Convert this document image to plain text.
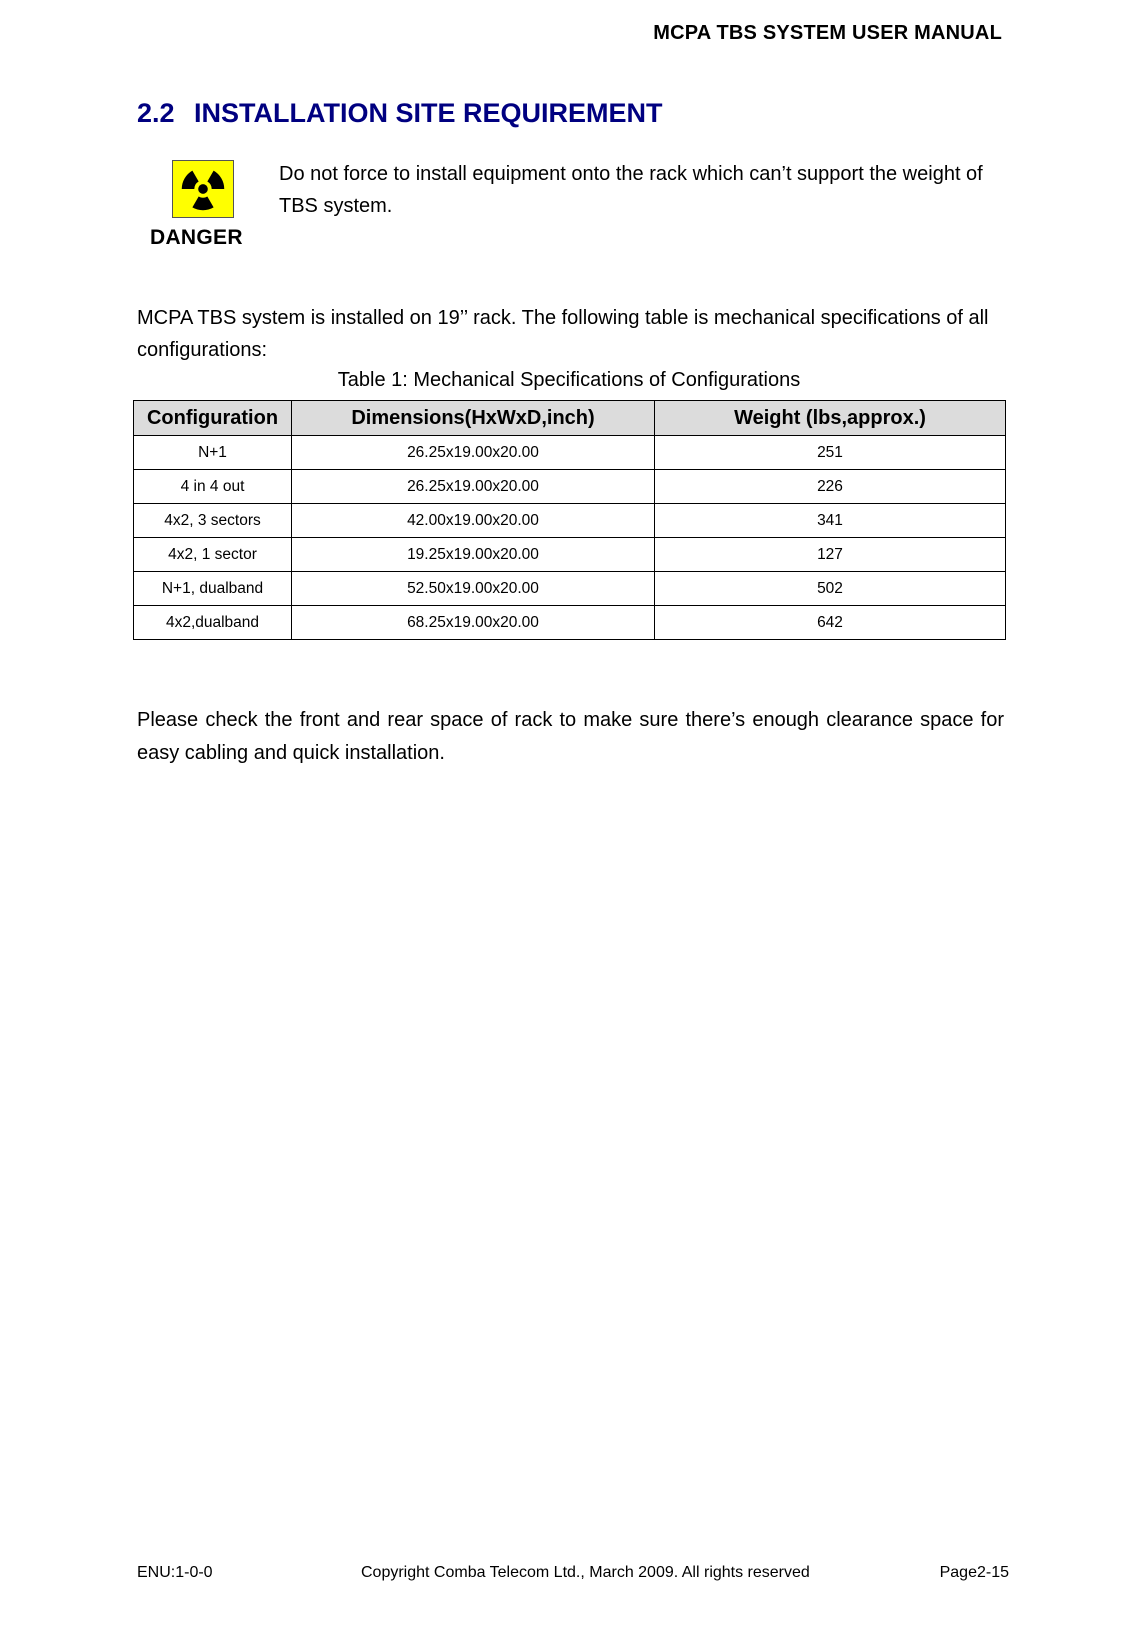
MCPA TBS SYSTEM USER MANUAL
2.2 INSTALLATION SITE REQUIREMENT
DANGER

Do not force to install equipment onto the rack which can’t support the weight of TBS system.

MCPA TBS system is installed on 19’’ rack. The following table is mechanical specifications of all configurations:

Table 1: Mechanical Specifications of Configurations
Configuration	Dimensions(HxWxD,inch)	Weight (lbs,approx.)
N+1	26.25x19.00x20.00	251
4 in 4 out	26.25x19.00x20.00	226
4x2, 3 sectors	42.00x19.00x20.00	341
4x2, 1 sector	19.25x19.00x20.00	127
N+1, dualband	52.50x19.00x20.00	502
4x2,dualband	68.25x19.00x20.00	642

Please check the front and rear space of rack to make sure there’s enough clearance space for easy cabling and quick installation.

ENU:1-0-0	Copyright Comba Telecom Ltd., March 2009. All rights reserved	Page2-15
